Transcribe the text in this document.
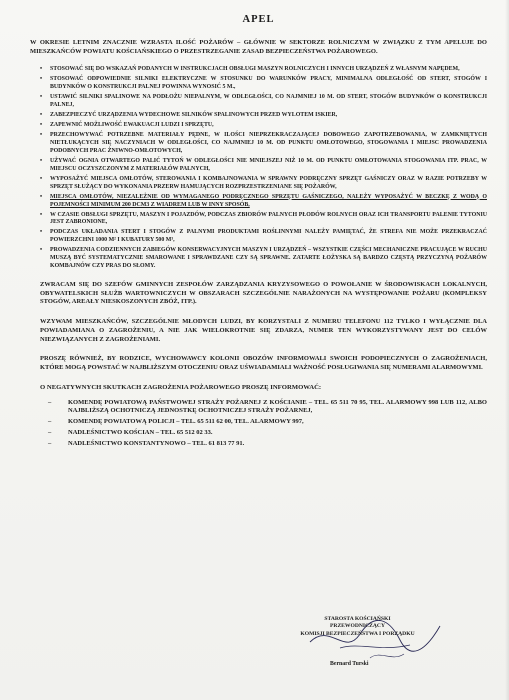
APEL

W OKRESIE LETNIM ZNACZNIE WZRASTA ILOŚĆ POŻARÓW – GŁÓWNIE W SEKTORZE ROLNICZYM W ZWIĄZKU Z TYM APELUJE DO MIESZKAŃCÓW POWIATU KOŚCIAŃSKIEGO O PRZESTRZEGANIE ZASAD BEZPIECZEŃSTWA POŻAROWEGO.

• STOSOWAĆ SIĘ DO WSKAZAŃ PODANYCH W INSTRUKCJACH OBSŁUGI MASZYN ROLNICZYCH I INNYCH URZĄDZEŃ Z WŁASNYM NAPĘDEM,
• STOSOWAĆ ODPOWIEDNIE SILNIKI ELEKTRYCZNE W STOSUNKU DO WARUNKÓW PRACY, MINIMALNA ODLEGŁOŚĆ OD STERT, STOGÓW I BUDYNKÓW O KONSTRUKCJI PALNEJ POWINNA WYNOSIĆ 5 M.,
• USTAWIĆ SILNIKI SPALINOWE NA PODŁOŻU NIEPALNYM, W ODLEGŁOŚCI, CO NAJMNIEJ 10 M. OD STERT, STOGÓW BUDYNKÓW O KONSTRUKCJI PALNEJ,
• ZABEZPIECZYĆ URZĄDZENIA WYDECHOWE SILNIKÓW SPALINOWYCH PRZED WYLOTEM ISKIER,
• ZAPEWNIĆ MOŻLIWOŚĆ EWAKUACJI LUDZI I SPRZĘTU,
• PRZECHOWYWAĆ POTRZEBNE MATERIAŁY PĘDNE, W ILOŚCI NIEPRZEKRACZAJĄCEJ DOBOWEGO ZAPOTRZEBOWANIA, W ZAMKNIĘTYCH NIETŁUKĄCYCH SIĘ NACZYNIACH W ODLEGŁOŚCI, CO NAJMNIEJ 10 M. OD PUNKTU OMŁOTOWEGO, STOGOWANIA I MIEJSC PROWADZENIA PODOBNYCH PRAC ŻNIWNO-OMŁOTOWYCH,
• UŻYWAĆ OGNIA OTWARTEGO PALIĆ TYTOŃ W ODLEGŁOŚCI NIE MNIEJSZEJ NIŻ 10 M. OD PUNKTU OMŁOTOWANIA STOGOWANIA ITP. PRAC, W MIEJSCU OCZYSZCZONYM Z MATERIAŁÓW PALNYCH,
• WYPOSAŻYĆ MIEJSCA OMŁOTÓW, STEROWANIA I KOMBAJNOWANIA W SPRAWNY PODRĘCZNY SPRZĘT GAŚNICZY ORAZ W RAZIE POTRZEBY W SPRZĘT SŁUŻĄCY DO WYKONANIA PRZERW HAMUJĄCYCH ROZPRZESTRZENIANE SIĘ POŻARÓW,
• MIEJSCA OMŁOTÓW, NIEZALEŻNIE OD WYMAGANEGO PODRĘCZNEGO SPRZĘTU GAŚNICZEGO, NALEŻY WYPOSAŻYĆ W BECZKĘ Z WODĄ O POJEMNOŚCI MINIMUM 200 DCM3 Z WIADREM LUB W INNY SPOSÓB,
• W CZASIE OBSŁUGI SPRZĘTU, MASZYN I POJAZDÓW, PODCZAS ZBIORÓW PALNYCH PŁODÓW ROLNYCH ORAZ ICH TRANSPORTU PALENIE TYTONIU JEST ZABRONIONE,
• PODCZAS UKŁADANIA STERT I STOGÓW Z PALNYMI PRODUKTAMI ROŚLINNYMI NALEŻY PAMIĘTAĆ, ŻE STREFA NIE MOŻE PRZEKRACZAĆ POWIERZCHNI 1000 M² I KUBATURY 500 M³,
• PROWADZENIA CODZIENNYCH ZABIEGÓW KONSERWACYJNYCH MASZYN I URZĄDZEŃ – WSZYSTKIE CZĘŚCI MECHANICZNE PRACUJĄCE W RUCHU MUSZĄ BYĆ SYSTEMATYCZNIE SMAROWANE I SPRAWDZANE CZY SĄ SPRAWNE. ZATARTE ŁOŻYSKA SĄ BARDZO CZĘSTĄ PRZYCZYNĄ POŻARÓW KOMBAJNÓW CZY PRAS DO SŁOMY.

ZWRACAM SIĘ DO SZEFÓW GMINNYCH ZESPOŁÓW ZARZĄDZANIA KRYZYSOWEGO O POWOŁANIE W ŚRODOWISKACH LOKALNYCH, OBYWATELSKICH SŁUŻB WARTOWNICZYCH W OBSZARACH SZCZEGÓLNIE NARAŻONYCH NA WYSTĘPOWANIE POŻARU (KOMPLEKSY STOGÓW, AREAŁY NIESKOSZONYCH ZBÓŻ, ITP.).

WZYWAM MIESZKAŃCÓW, SZCZEGÓLNIE MŁODYCH LUDZI, BY KORZYSTALI Z NUMERU TELEFONU 112 TYLKO I WYŁĄCZNIE DLA POWIADAMIANA O ZAGROŻENIU, A NIE JAK WIELOKROTNIE SIĘ ZDARZA, NUMER TEN WYKORZYSTYWANY JEST DO CELÓW NIEZWIĄZANYCH Z ZAGROŻENIAMI.

PROSZĘ RÓWNIEŻ, BY RODZICE, WYCHOWAWCY KOLONII OBOZÓW INFORMOWALI SWOICH PODOPIECZNYCH O ZAGROŻENIACH, KTÓRE MOGĄ POWSTAĆ W NAJBLIŻSZYM OTOCZENIU ORAZ UŚWIADAMIALI WAŻNOŚĆ POSŁUGIWANIA SIĘ NUMERAMI ALARMOWYMI.

O NEGATYWNYCH SKUTKACH ZAGROŻENIA POŻAROWEGO PROSZĘ INFORMOWAĆ:
– KOMENDĘ POWIATOWĄ PAŃSTWOWEJ STRAŻY POŻARNEJ Z KOŚCIANIE – TEL. 65 511 70 95, TEL. ALARMOWY 998 LUB 112, ALBO NAJBLIŻSZĄ OCHOTNICZĄ JEDNOSTKĘ OCHOTNICZEJ STRAŻY POŻARNEJ,
– KOMENDĘ POWIATOWĄ POLICJI – TEL. 65 511 62 00, TEL. ALARMOWY 997,
– NADLEŚNICTWO KOŚCIAN – TEL. 65 512 02 33.
– NADLEŚNICTWO KONSTANTYNOWO – TEL. 61 813 77 91.
STAROSTA KOŚCIAŃSKI
PRZEWODNICZĄCY
KOMISJI BEZPIECZEŃSTWA I PORZĄDKU
Bernard Turski
